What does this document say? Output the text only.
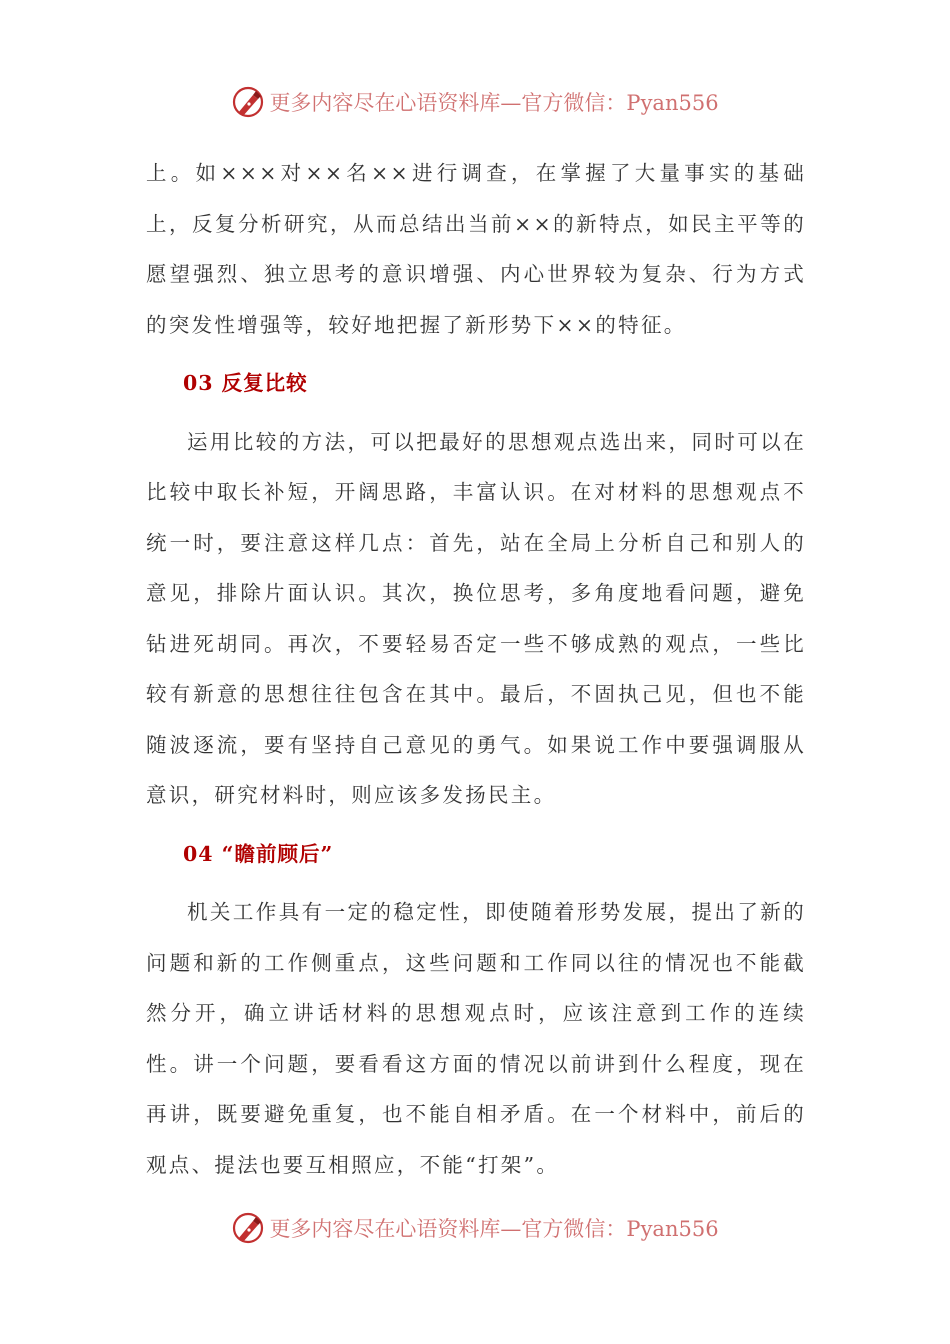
更多内容尽在心语资料库—官方微信：Pyan556

上。如×××对××名××进行调查，在掌握了大量事实的基础上，反复分析研究，从而总结出当前××的新特点，如民主平等的愿望强烈、独立思考的意识增强、内心世界较为复杂、行为方式的突发性增强等，较好地把握了新形势下××的特征。

03 反复比较

运用比较的方法，可以把最好的思想观点选出来，同时可以在比较中取长补短，开阔思路，丰富认识。在对材料的思想观点不统一时，要注意这样几点：首先，站在全局上分析自己和别人的意见，排除片面认识。其次，换位思考，多角度地看问题，避免钻进死胡同。再次，不要轻易否定一些不够成熟的观点，一些比较有新意的思想往往包含在其中。最后，不固执己见，但也不能随波逐流，要有坚持自己意见的勇气。如果说工作中要强调服从意识，研究材料时，则应该多发扬民主。

04 “瞻前顾后”

机关工作具有一定的稳定性，即使随着形势发展，提出了新的问题和新的工作侧重点，这些问题和工作同以往的情况也不能截然分开，确立讲话材料的思想观点时，应该注意到工作的连续性。讲一个问题，要看看这方面的情况以前讲到什么程度，现在再讲，既要避免重复，也不能自相矛盾。在一个材料中，前后的观点、提法也要互相照应，不能“打架”。

更多内容尽在心语资料库—官方微信：Pyan556
